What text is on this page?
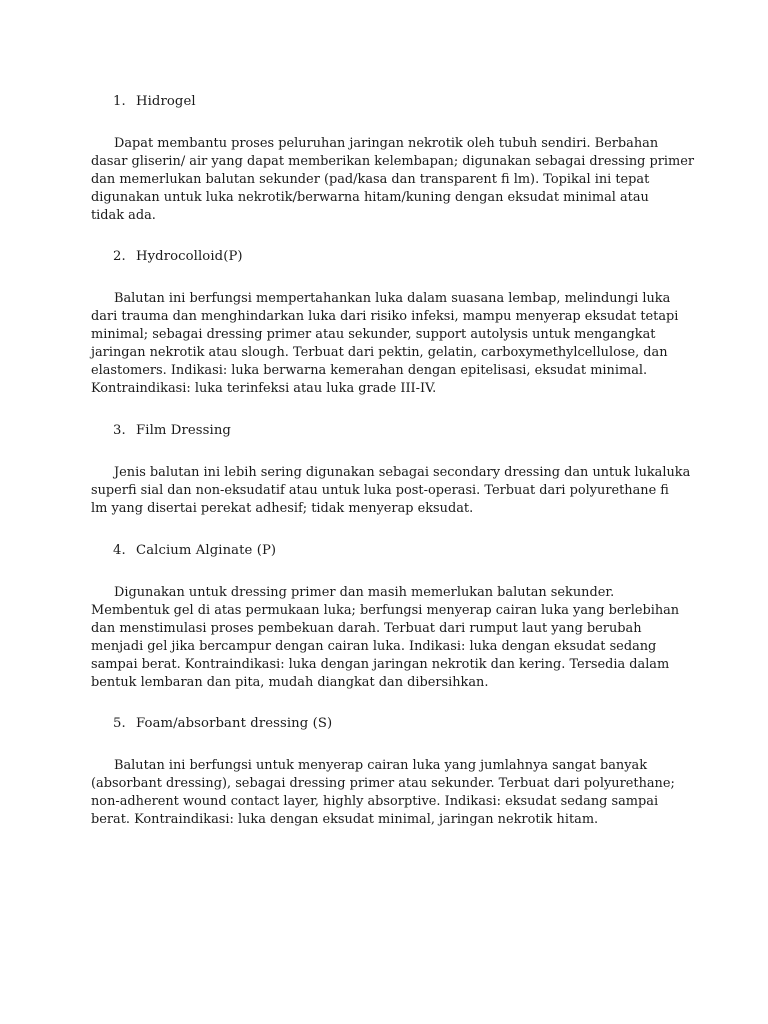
1. Hidrogel
Dapat membantu proses peluruhan jaringan nekrotik oleh tubuh sendiri. Berbahan
dasar gliserin/ air yang dapat memberikan kelembapan; digunakan sebagai dressing primer
dan memerlukan balutan sekunder (pad/kasa dan transparent fi lm). Topikal ini tepat
digunakan untuk luka nekrotik/berwarna hitam/kuning dengan eksudat minimal atau
tidak ada.
2. Hydrocolloid(P)
Balutan ini berfungsi mempertahankan luka dalam suasana lembap, melindungi luka
dari trauma dan menghindarkan luka dari risiko infeksi, mampu menyerap eksudat tetapi
minimal; sebagai dressing primer atau sekunder, support autolysis untuk mengangkat
jaringan nekrotik atau slough. Terbuat dari pektin, gelatin, carboxymethylcellulose, dan
elastomers. Indikasi: luka berwarna kemerahan dengan epitelisasi, eksudat minimal.
Kontraindikasi: luka terinfeksi atau luka grade III-IV.
3. Film Dressing
Jenis balutan ini lebih sering digunakan sebagai secondary dressing dan untuk lukaluka
superfi sial dan non-eksudatif atau untuk luka post-operasi. Terbuat dari polyurethane fi
lm yang disertai perekat adhesif; tidak menyerap eksudat.
4. Calcium Alginate (P)
Digunakan untuk dressing primer dan masih memerlukan balutan sekunder.
Membentuk gel di atas permukaan luka; berfungsi menyerap cairan luka yang berlebihan
dan menstimulasi proses pembekuan darah. Terbuat dari rumput laut yang berubah
menjadi gel jika bercampur dengan cairan luka. Indikasi: luka dengan eksudat sedang
sampai berat. Kontraindikasi: luka dengan jaringan nekrotik dan kering. Tersedia dalam
bentuk lembaran dan pita, mudah diangkat dan dibersihkan.
5. Foam/absorbant dressing (S)
Balutan ini berfungsi untuk menyerap cairan luka yang jumlahnya sangat banyak
(absorbant dressing), sebagai dressing primer atau sekunder. Terbuat dari polyurethane;
non-adherent wound contact layer, highly absorptive. Indikasi: eksudat sedang sampai
berat. Kontraindikasi: luka dengan eksudat minimal, jaringan nekrotik hitam.
